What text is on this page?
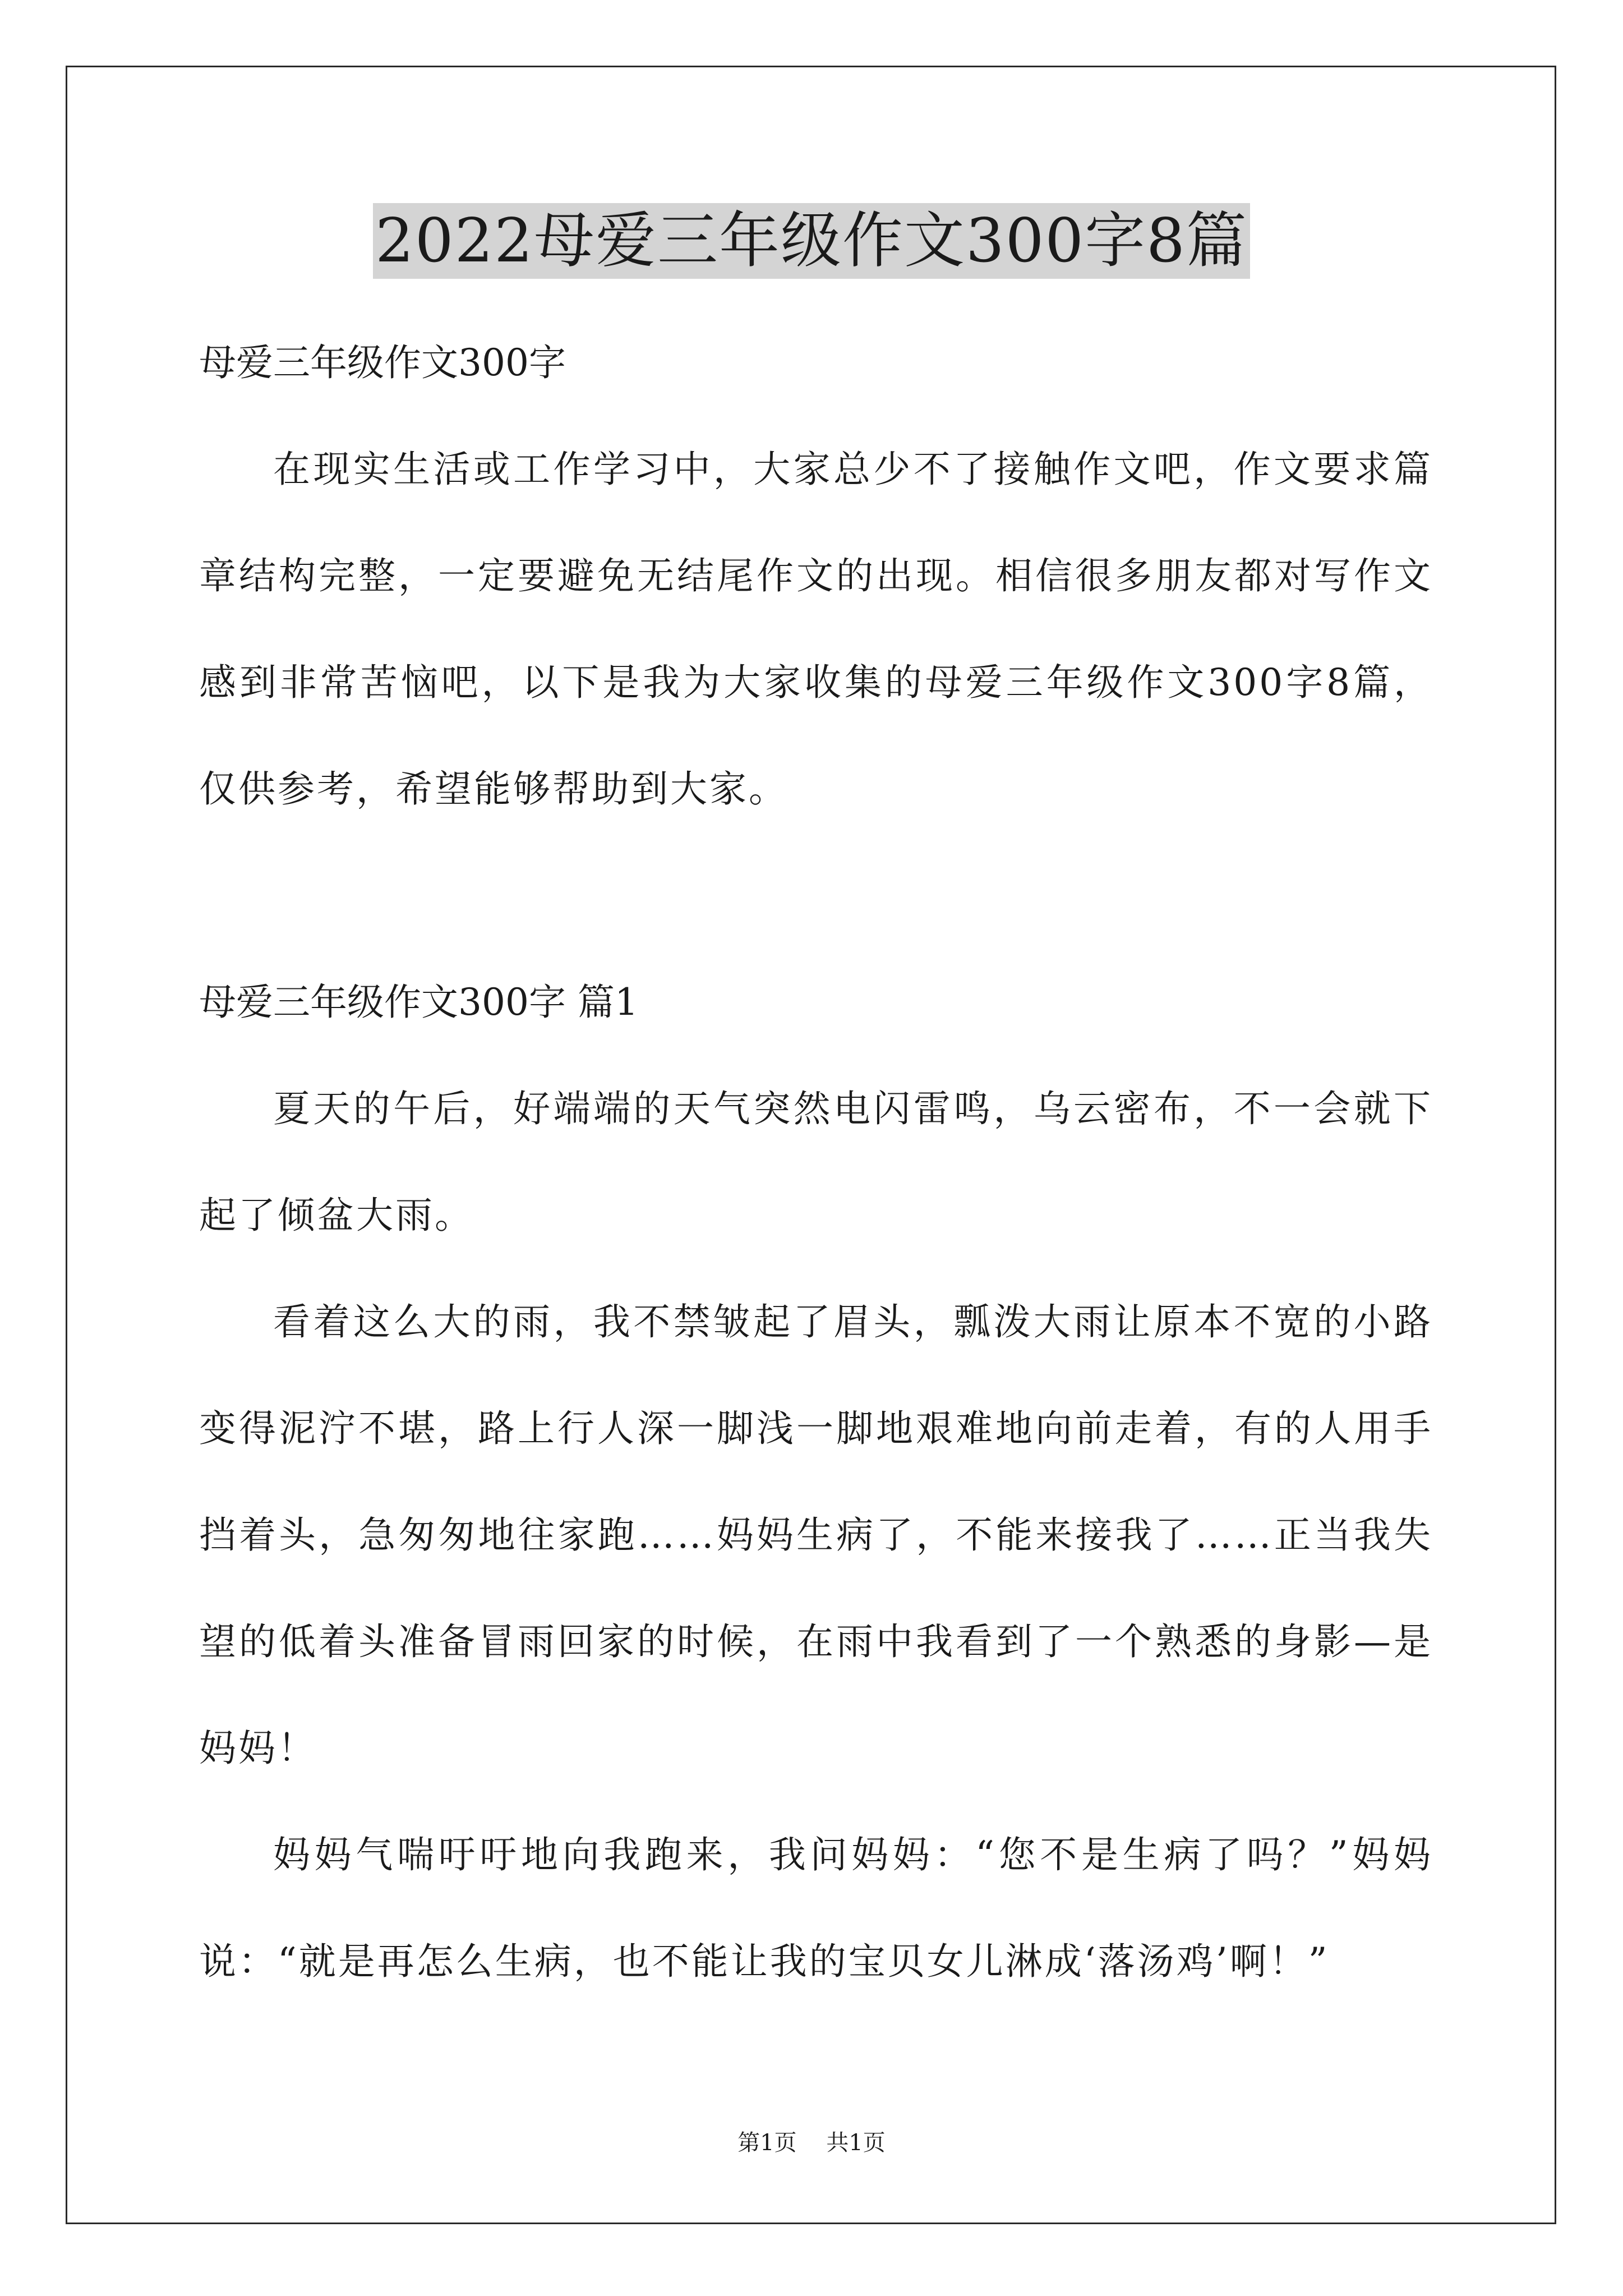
2022母爱三年级作文300字8篇
母爱三年级作文300字

在现实生活或工作学习中，大家总少不了接触作文吧，作文要求篇章结构完整，一定要避免无结尾作文的出现。相信很多朋友都对写作文感到非常苦恼吧，以下是我为大家收集的母爱三年级作文300字8篇，仅供参考，希望能够帮助到大家。

母爱三年级作文300字 篇1

夏天的午后，好端端的天气突然电闪雷鸣，乌云密布，不一会就下起了倾盆大雨。

看着这么大的雨，我不禁皱起了眉头，瓢泼大雨让原本不宽的小路变得泥泞不堪，路上行人深一脚浅一脚地艰难地向前走着，有的人用手挡着头，急匆匆地往家跑……妈妈生病了，不能来接我了……正当我失望的低着头准备冒雨回家的时候，在雨中我看到了一个熟悉的身影—是妈妈！

妈妈气喘吁吁地向我跑来，我问妈妈：“您不是生病了吗？”妈妈说：“就是再怎么生病，也不能让我的宝贝女儿淋成‘落汤鸡’啊！”

第1页 共1页
